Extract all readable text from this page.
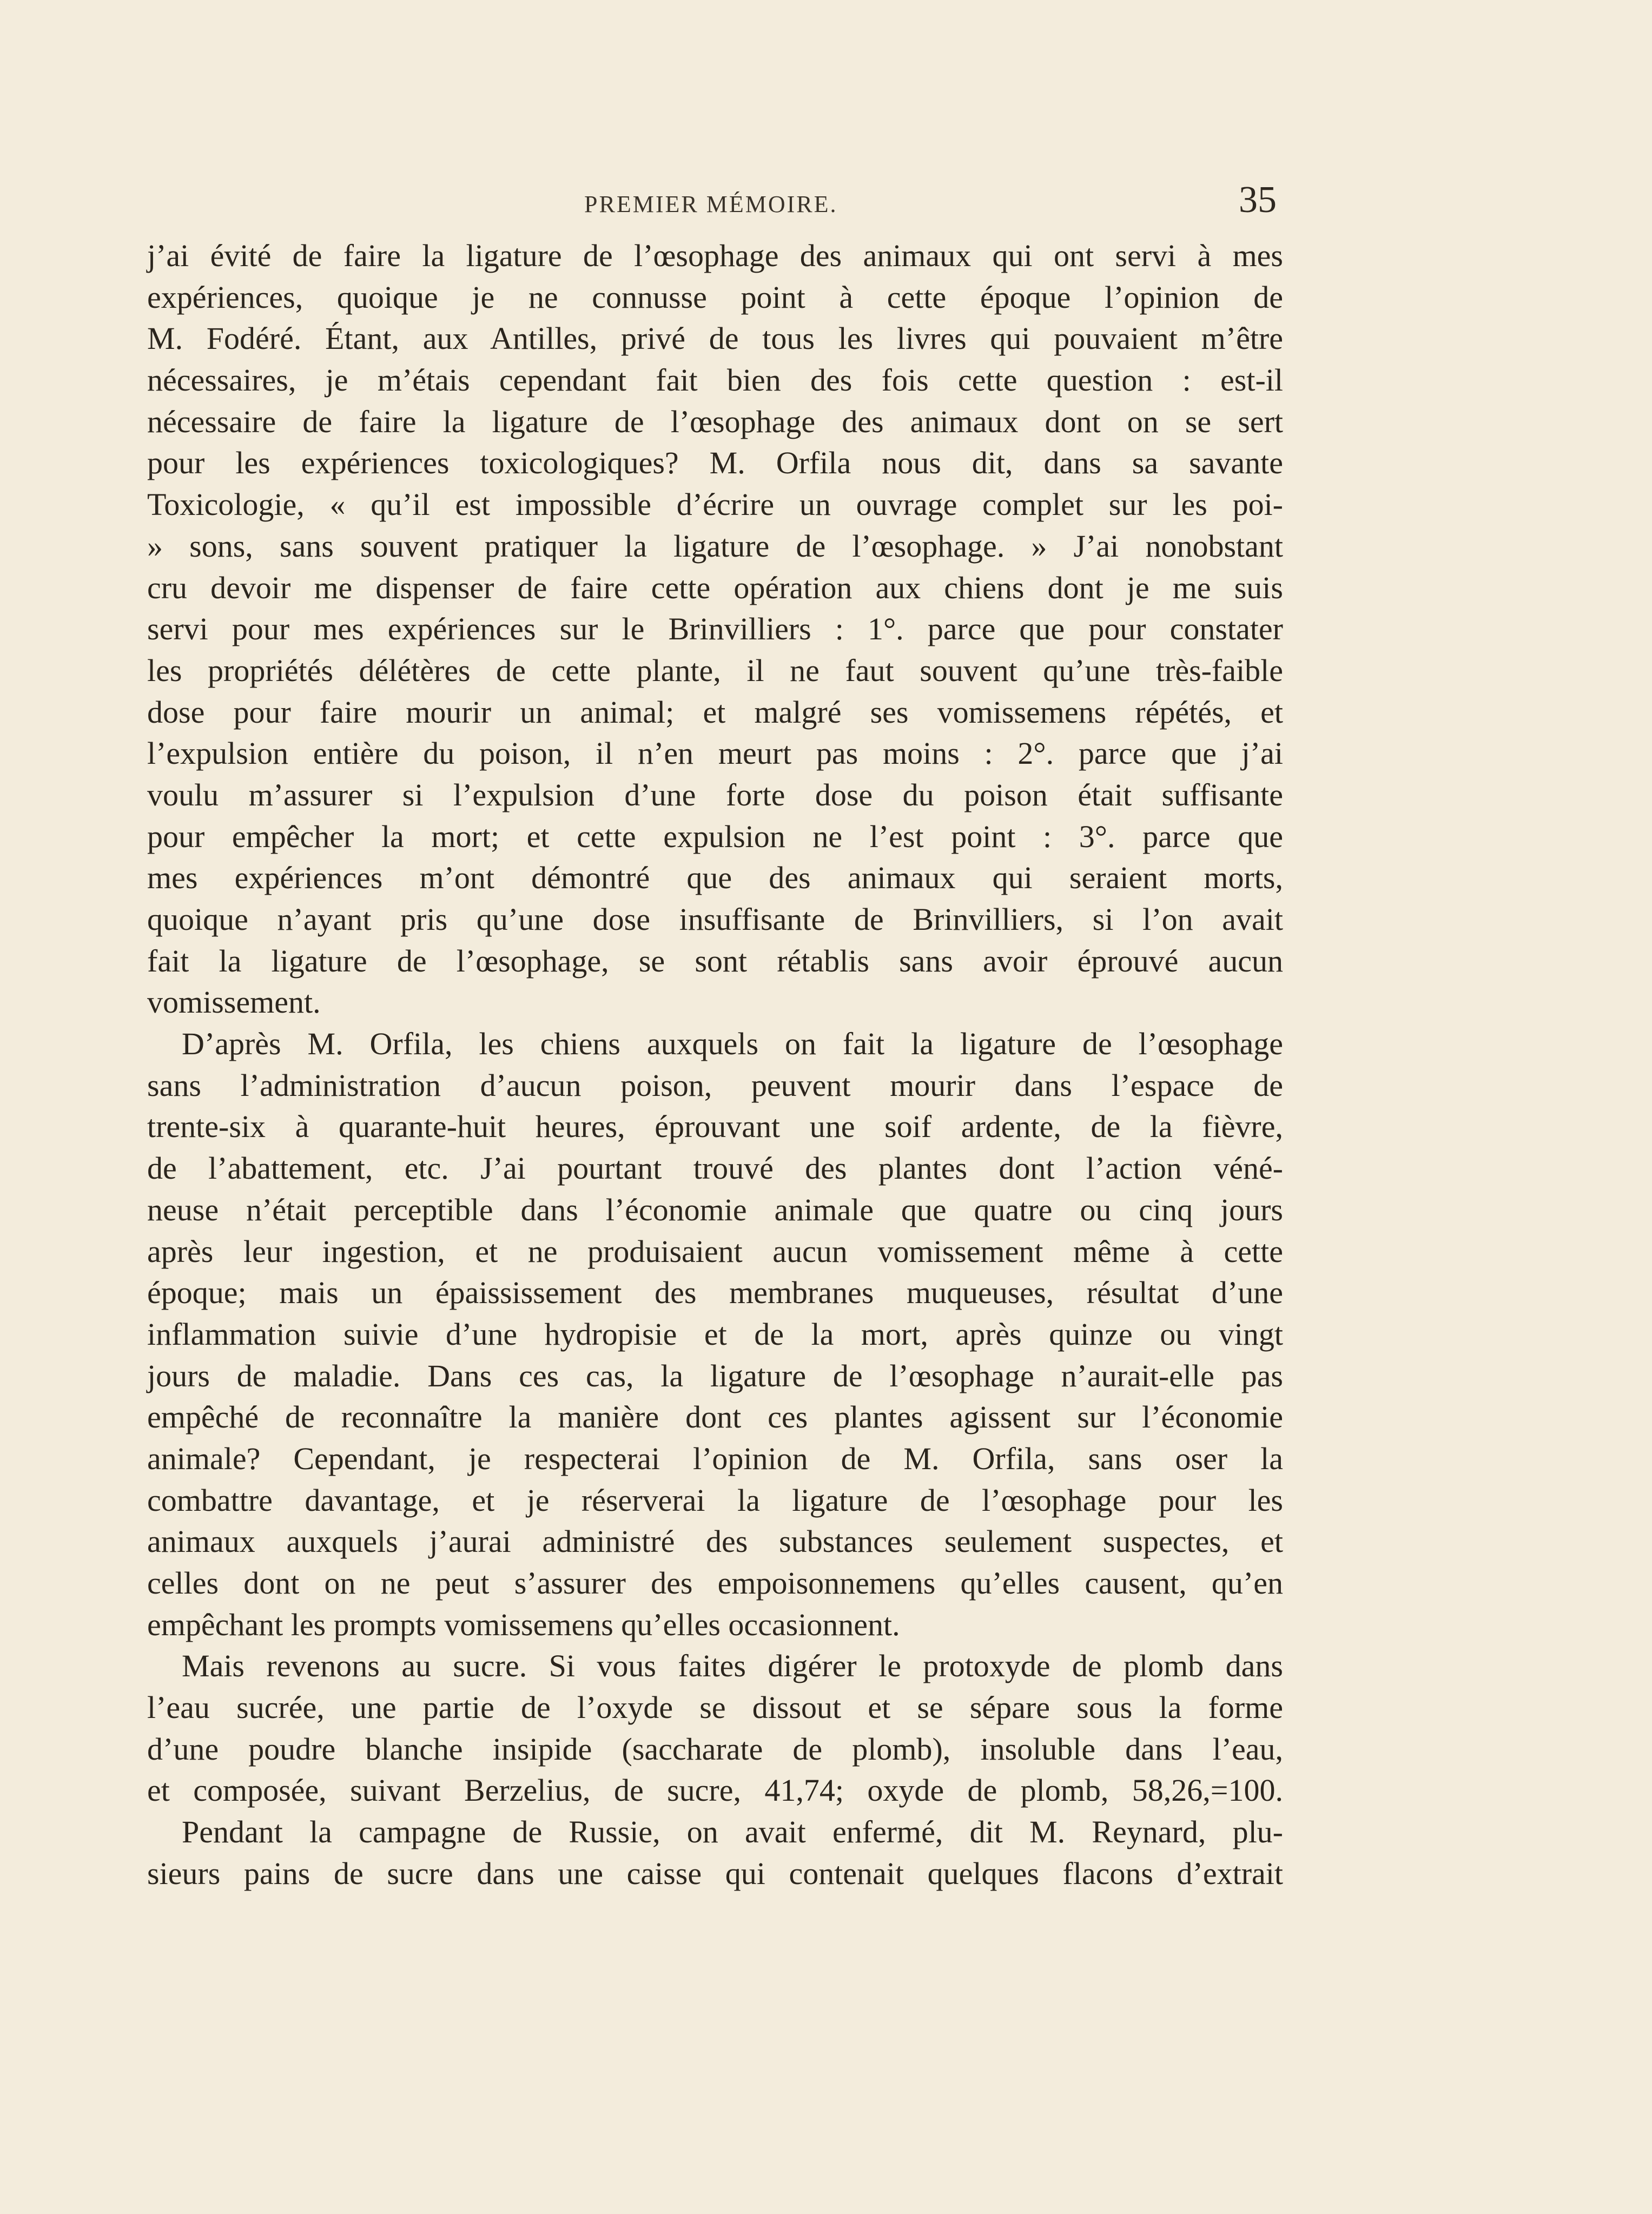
PREMIER MÉMOIRE.	35
j’ai évité de faire la ligature de l’œsophage des animaux qui ont servi à mes
expériences, quoique je ne connusse point à cette époque l’opinion de
M. Fodéré. Étant, aux Antilles, privé de tous les livres qui pouvaient m’être
nécessaires, je m’étais cependant fait bien des fois cette question : est-il
nécessaire de faire la ligature de l’œsophage des animaux dont on se sert
pour les expériences toxicologiques? M. Orfila nous dit, dans sa savante
Toxicologie, « qu’il est impossible d’écrire un ouvrage complet sur les poi-
» sons, sans souvent pratiquer la ligature de l’œsophage. » J’ai nonobstant
cru devoir me dispenser de faire cette opération aux chiens dont je me suis
servi pour mes expériences sur le Brinvilliers : 1°. parce que pour constater
les propriétés délétères de cette plante, il ne faut souvent qu’une très-faible
dose pour faire mourir un animal; et malgré ses vomissemens répétés, et
l’expulsion entière du poison, il n’en meurt pas moins : 2°. parce que j’ai
voulu m’assurer si l’expulsion d’une forte dose du poison était suffisante
pour empêcher la mort; et cette expulsion ne l’est point : 3°. parce que
mes expériences m’ont démontré que des animaux qui seraient morts,
quoique n’ayant pris qu’une dose insuffisante de Brinvilliers, si l’on avait
fait la ligature de l’œsophage, se sont rétablis sans avoir éprouvé aucun
vomissement.
D’après M. Orfila, les chiens auxquels on fait la ligature de l’œsophage
sans l’administration d’aucun poison, peuvent mourir dans l’espace de
trente-six à quarante-huit heures, éprouvant une soif ardente, de la fièvre,
de l’abattement, etc. J’ai pourtant trouvé des plantes dont l’action véné-
neuse n’était perceptible dans l’économie animale que quatre ou cinq jours
après leur ingestion, et ne produisaient aucun vomissement même à cette
époque; mais un épaississement des membranes muqueuses, résultat d’une
inflammation suivie d’une hydropisie et de la mort, après quinze ou vingt
jours de maladie. Dans ces cas, la ligature de l’œsophage n’aurait-elle pas
empêché de reconnaître la manière dont ces plantes agissent sur l’économie
animale? Cependant, je respecterai l’opinion de M. Orfila, sans oser la
combattre davantage, et je réserverai la ligature de l’œsophage pour les
animaux auxquels j’aurai administré des substances seulement suspectes, et
celles dont on ne peut s’assurer des empoisonnemens qu’elles causent, qu’en
empêchant les prompts vomissemens qu’elles occasionnent.
Mais revenons au sucre. Si vous faites digérer le protoxyde de plomb dans
l’eau sucrée, une partie de l’oxyde se dissout et se sépare sous la forme
d’une poudre blanche insipide (saccharate de plomb), insoluble dans l’eau,
et composée, suivant Berzelius, de sucre, 41,74; oxyde de plomb, 58,26,=100.
Pendant la campagne de Russie, on avait enfermé, dit M. Reynard, plu-
sieurs pains de sucre dans une caisse qui contenait quelques flacons d’extrait
